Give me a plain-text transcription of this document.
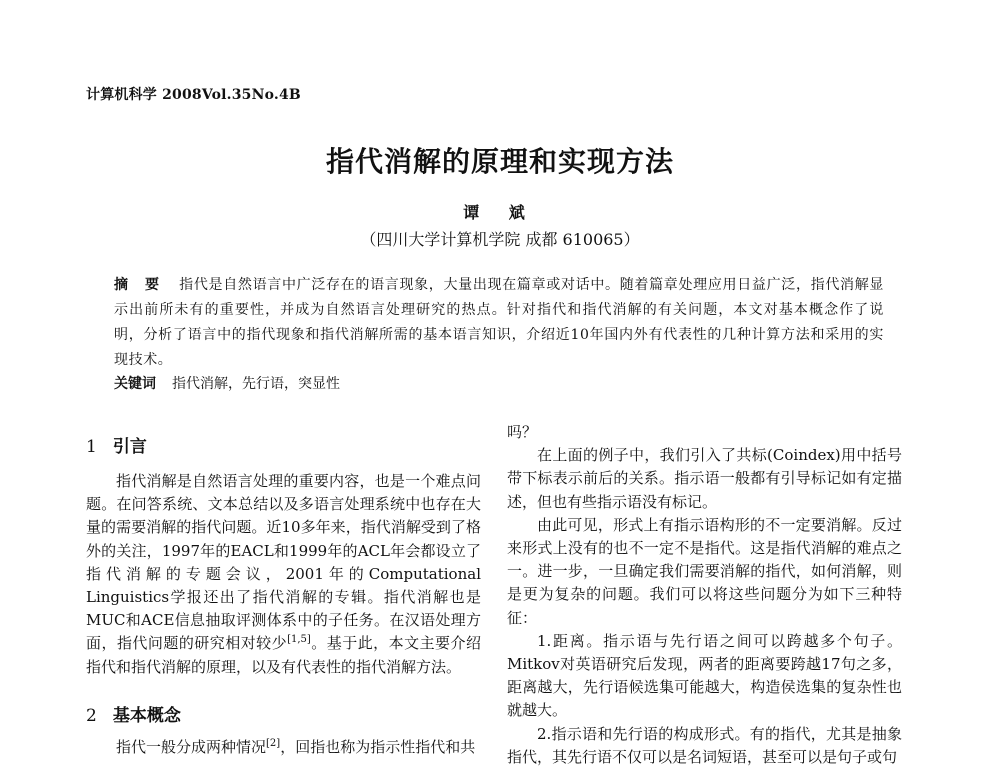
计算机科学 2008Vol.35No.4B
指代消解的原理和实现方法
谭 斌
（四川大学计算机学院 成都 610065）
摘 要 指代是自然语言中广泛存在的语言现象，大量出现在篇章或对话中。随着篇章处理应用日益广泛，指代消解显示出前所未有的重要性，并成为自然语言处理研究的热点。针对指代和指代消解的有关问题，本文对基本概念作了说明，分析了语言中的指代现象和指代消解所需的基本语言知识，介绍近10年国内外有代表性的几种计算方法和采用的实现技术。
关键词 指代消解，先行语，突显性
1 引言

指代消解是自然语言处理的重要内容，也是一个难点问题。在问答系统、文本总结以及多语言处理系统中也存在大量的需要消解的指代问题。近10多年来，指代消解受到了格外的关注，1997年的EACL和1999年的ACL年会都设立了指代消解的专题会议，2001年的Computational Linguistics学报还出了指代消解的专辑。指代消解也是MUC和ACE信息抽取评测体系中的子任务。在汉语处理方面，指代问题的研究相对较少[1,5]。基于此，本文主要介绍指代和指代消解的原理，以及有代表性的指代消解方法。

2 基本概念

指代一般分成两种情况[2]，回指也称为指示性指代和共

吗？

在上面的例子中，我们引入了共标(Coindex)用中括号带下标表示前后的关系。指示语一般都有引导标记如有定描述，但也有些指示语没有标记。

由此可见，形式上有指示语构形的不一定要消解。反过来形式上没有的也不一定不是指代。这是指代消解的难点之一。进一步，一旦确定我们需要消解的指代，如何消解，则是更为复杂的问题。我们可以将这些问题分为如下三种特征：

1.距离。指示语与先行语之间可以跨越多个句子。Mitkov对英语研究后发现，两者的距离要跨越17句之多，距离越大，先行语候选集可能越大，构造侯选集的复杂性也就越大。

2.指示语和先行语的构成形式。有的指代，尤其是抽象指代，其先行语不仅可以是名词短语，甚至可以是句子或句
